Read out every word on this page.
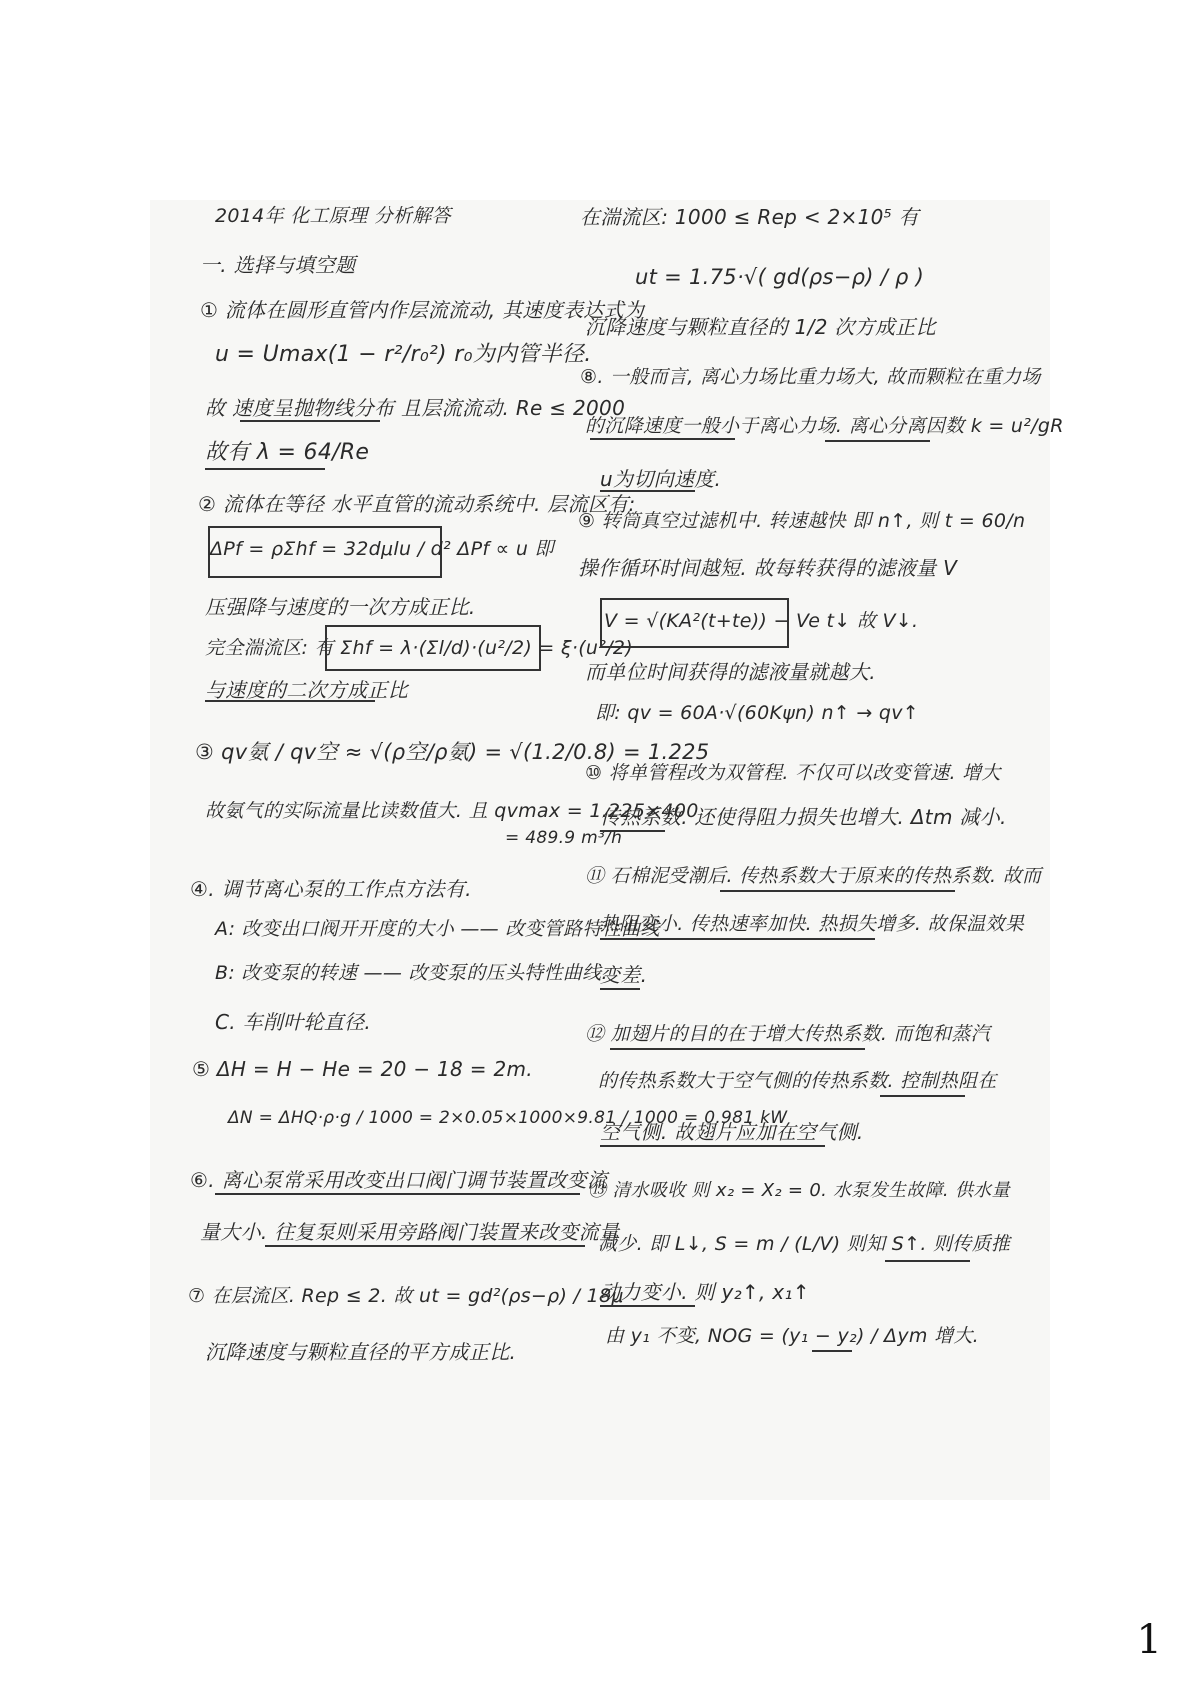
2014年 化工原理 分析解答
一. 选择与填空题
① 流体在圆形直管内作层流流动, 其速度表达式为
u = Umax(1 − r²/r₀²) r₀为内管半径.
故 速度呈抛物线分布 且层流流动. Re ≤ 2000
故有 λ = 64/Re
② 流体在等径 水平直管的流动系统中. 层流区有:
ΔPf = ρΣhf = 32dμlu / d² ΔPf ∝ u 即
压强降与速度的一次方成正比.
完全湍流区: 有 Σhf = λ·(Σl/d)·(u²/2) = ξ·(u²/2)
与速度的二次方成正比
③ qv氨 / qv空 ≈ √(ρ空/ρ氨) = √(1.2/0.8) = 1.225
故氨气的实际流量比读数值大. 且 qvmax = 1.225×400
= 489.9 m³/h
④. 调节离心泵的工作点方法有.
A: 改变出口阀开开度的大小 —— 改变管路特性曲线
B: 改变泵的转速 —— 改变泵的压头特性曲线.
C. 车削叶轮直径.
⑤ ΔH = H − He = 20 − 18 = 2m.
ΔN = ΔHQ·ρ·g / 1000 = 2×0.05×1000×9.81 / 1000 = 0.981 kW
⑥. 离心泵常采用改变出口阀门调节装置改变流
量大小. 往复泵则采用旁路阀门装置来改变流量
⑦ 在层流区. Rep ≤ 2. 故 ut = gd²(ρs−ρ) / 18μ
沉降速度与颗粒直径的平方成正比.
在湍流区: 1000 ≤ Rep < 2×10⁵ 有
ut = 1.75·√( gd(ρs−ρ) / ρ )
沉降速度与颗粒直径的 1/2 次方成正比
⑧. 一般而言, 离心力场比重力场大, 故而颗粒在重力场
的沉降速度一般小于离心力场. 离心分离因数 k = u²/gR
u为切向速度.
⑨ 转筒真空过滤机中. 转速越快 即 n↑, 则 t = 60/n
操作循环时间越短. 故每转获得的滤液量 V
V = √(KA²(t+te)) − Ve t↓ 故 V↓.
而单位时间获得的滤液量就越大.
即: qv = 60A·√(60Kψn) n↑ → qv↑
⑩ 将单管程改为双管程. 不仅可以改变管速. 增大
传热系数. 还使得阻力损失也增大. Δtm 减小.
⑪ 石棉泥受潮后. 传热系数大于原来的传热系数. 故而
热阻变小. 传热速率加快. 热损失增多. 故保温效果
变差.
⑫ 加翅片的目的在于增大传热系数. 而饱和蒸汽
的传热系数大于空气侧的传热系数. 控制热阻在
空气侧. 故翅片应加在空气侧.
⑬ 清水吸收 则 x₂ = X₂ = 0. 水泵发生故障. 供水量
减少. 即 L↓, S = m / (L/V) 则知 S↑. 则传质推
动力变小. 则 y₂↑, x₁↑
由 y₁ 不变, NOG = (y₁ − y₂) / Δym 增大.
1
